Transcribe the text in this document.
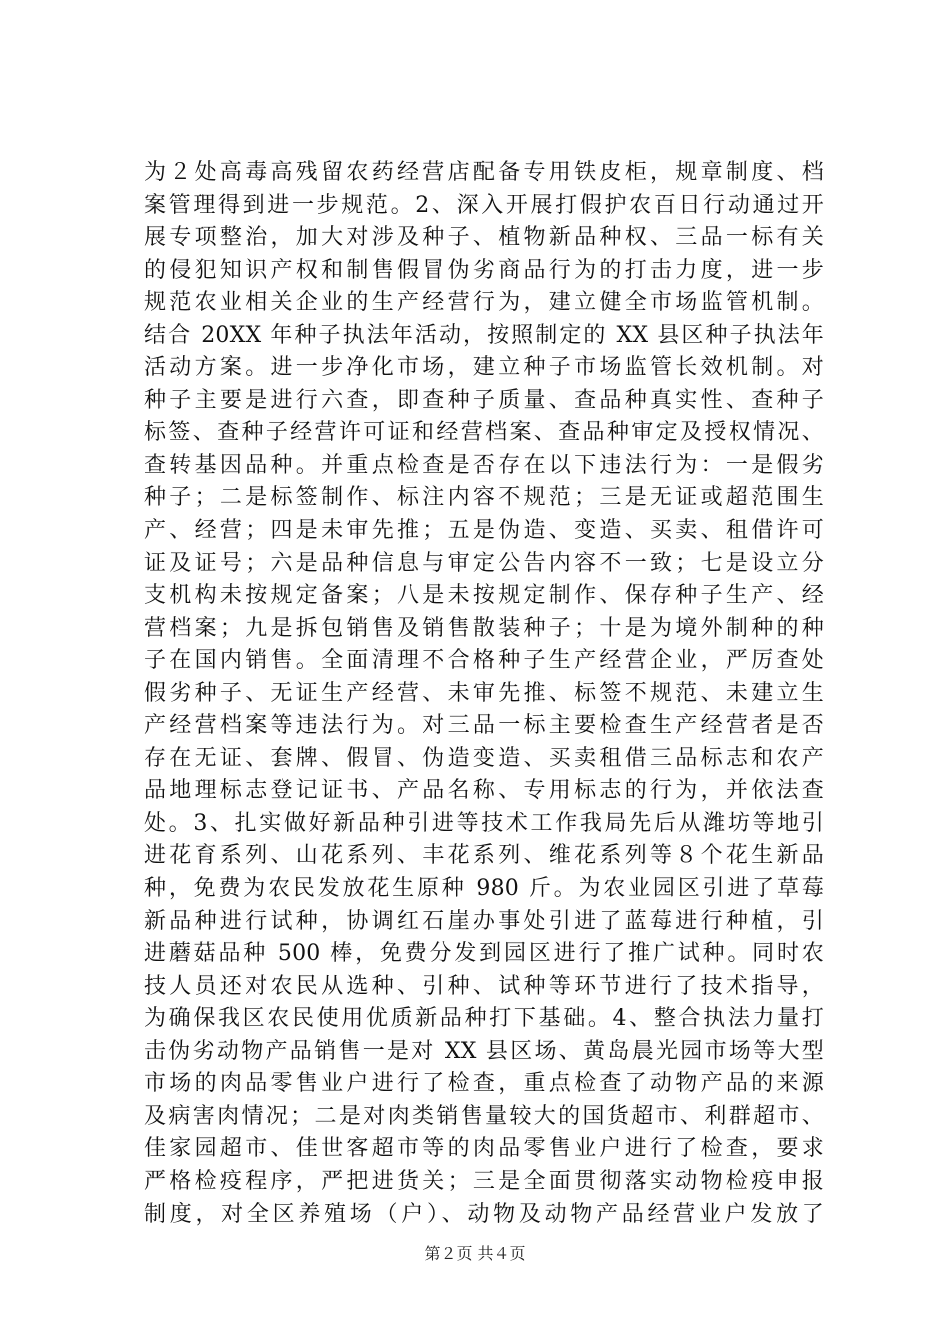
为２处高毒高残留农药经营店配备专用铁皮柜，规章制度、档
案管理得到进一步规范。2、深入开展打假护农百日行动通过开
展专项整治，加大对涉及种子、植物新品种权、三品一标有关
的侵犯知识产权和制售假冒伪劣商品行为的打击力度，进一步
规范农业相关企业的生产经营行为，建立健全市场监管机制。
结合 20XX 年种子执法年活动，按照制定的 XX 县区种子执法年
活动方案。进一步净化市场，建立种子市场监管长效机制。对
种子主要是进行六查，即查种子质量、查品种真实性、查种子
标签、查种子经营许可证和经营档案、查品种审定及授权情况、
查转基因品种。并重点检查是否存在以下违法行为：一是假劣
种子；二是标签制作、标注内容不规范；三是无证或超范围生
产、经营；四是未审先推；五是伪造、变造、买卖、租借许可
证及证号；六是品种信息与审定公告内容不一致；七是设立分
支机构未按规定备案；八是未按规定制作、保存种子生产、经
营档案；九是拆包销售及销售散装种子；十是为境外制种的种
子在国内销售。全面清理不合格种子生产经营企业，严厉查处
假劣种子、无证生产经营、未审先推、标签不规范、未建立生
产经营档案等违法行为。对三品一标主要检查生产经营者是否
存在无证、套牌、假冒、伪造变造、买卖租借三品标志和农产
品地理标志登记证书、产品名称、专用标志的行为，并依法查
处。3、扎实做好新品种引进等技术工作我局先后从潍坊等地引
进花育系列、山花系列、丰花系列、维花系列等８个花生新品
种，免费为农民发放花生原种 980 斤。为农业园区引进了草莓
新品种进行试种，协调红石崖办事处引进了蓝莓进行种植，引
进蘑菇品种 500 棒，免费分发到园区进行了推广试种。同时农
技人员还对农民从选种、引种、试种等环节进行了技术指导，
为确保我区农民使用优质新品种打下基础。4、整合执法力量打
击伪劣动物产品销售一是对 XX 县区场、黄岛晨光园市场等大型
市场的肉品零售业户进行了检查，重点检查了动物产品的来源
及病害肉情况；二是对肉类销售量较大的国货超市、利群超市、
佳家园超市、佳世客超市等的肉品零售业户进行了检查，要求
严格检疫程序，严把进货关；三是全面贯彻落实动物检疫申报
制度，对全区养殖场（户）、动物及动物产品经营业户发放了
第２页 共４页
